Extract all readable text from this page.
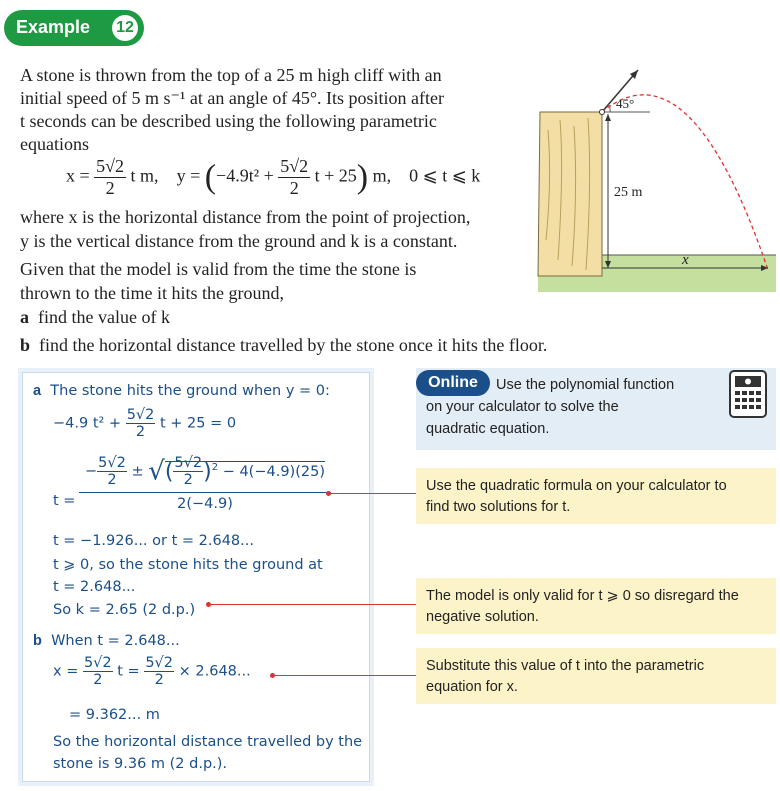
Example 12
A stone is thrown from the top of a 25 m high cliff with an
initial speed of 5 m s⁻¹ at an angle of 45°. Its position after
t seconds can be described using the following parametric
equations
$x = \frac{5√2}{2}$ t m, $y = (-4.9t^2 + \frac{5√2}{2}$ t + 25) m, 0 ⩽ t ⩽ k
where x is the horizontal distance from the point of projection,
y is the vertical distance from the ground and k is a constant.
Given that the model is valid from the time the stone is
thrown to the time it hits the ground,
a find the value of k
b find the horizontal distance travelled by the stone once it hits the floor.
45°
25 m
x
a The stone hits the ground when y = 0:
−4.9 $t^2 + \frac{5√2}{2}$ t + 25 = 0
t =
− $\frac{5√2}{2}$ ± √( $\frac{5√2}{2} )^2 - 4(-4.9)(25)$
2(−4.9)
t = −1.926... or t = 2.648...
t ⩾ 0, so the stone hits the ground at
t = 2.648...
So k = 2.65 (2 d.p.)
b When t = 2.648...
$x = \frac{5√2}{2}$ $t = \frac{5√2}{2} \times 2.648$...
= 9.362... m
So the horizontal distance travelled by the
stone is 9.36 m (2 d.p.).
Online	Use the polynomial function
on your calculator to solve the
quadratic equation.
Use the quadratic formula on your calculator to
find two solutions for t.
The model is only valid for t ⩾ 0 so disregard the
negative solution.
Substitute this value of t into the parametric
equation for x.
